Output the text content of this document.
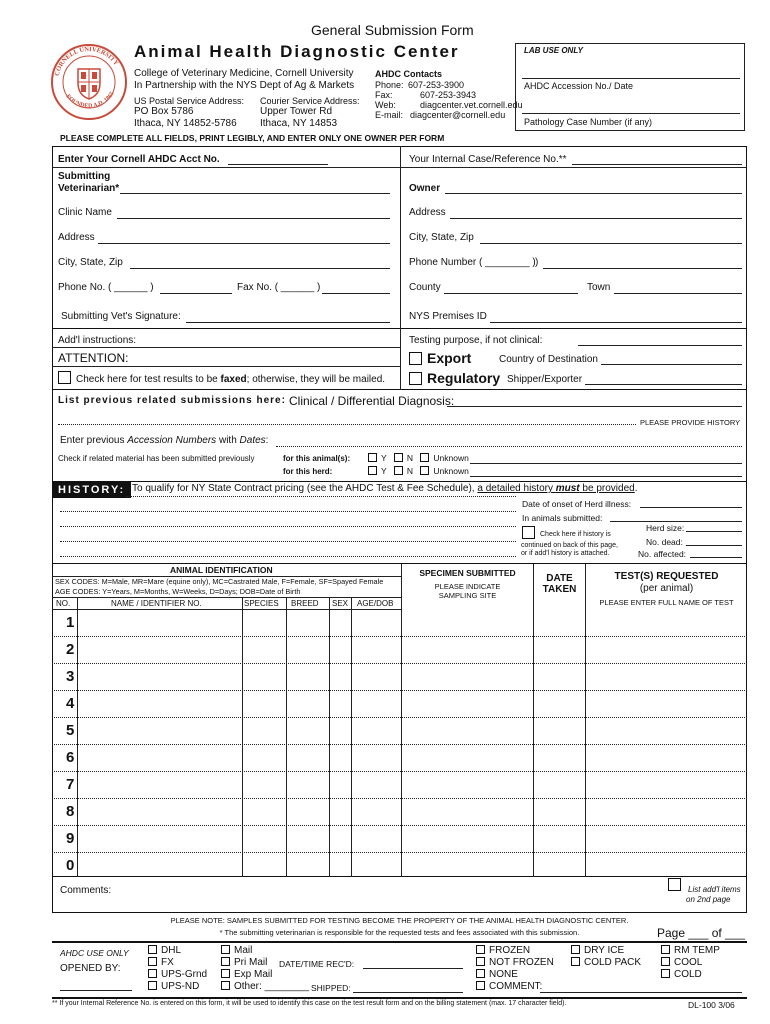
General Submission Form
Animal Health Diagnostic Center
CORNELL UNIVERSITY
FOUNDED A.D. 1865
College of Veterinary Medicine, Cornell University
In Partnership with the NYS Dept of Ag & Markets
US Postal Service Address:
PO Box 5786
Ithaca, NY 14852-5786
Courier Service Address:
Upper Tower Rd
Ithaca, NY 14853
AHDC Contacts
Phone: 607-253-3900
Fax:	607-253-3943
Web:	diagcenter.vet.cornell.edu
E-mail: diagcenter@cornell.edu
LAB USE ONLY
AHDC Accession No./ Date
Pathology Case Number (if any)
PLEASE COMPLETE ALL FIELDS, PRINT LEGIBLY, AND ENTER ONLY ONE OWNER PER FORM
Enter Your Cornell AHDC Acct No.
Submitting
Veterinarian*
Clinic Name
Address
City, State, Zip
Phone No. ( ______ )	Fax No. ( ______ )
Submitting Vet's Signature:
Your Internal Case/Reference No.**
Owner
Address
City, State, Zip
Phone Number ( ________ ) )
County	Town
NYS Premises ID
Add'l instructions:
ATTENTION:
Check here for test results to be faxed; otherwise, they will be mailed.
Testing purpose, if not clinical:
Export	Country of Destination
Regulatory Shipper/Exporter
List previous related submissions here: Clinical / Differential Diagnosis:
PLEASE PROVIDE HISTORY
Enter previous Accession Numbers with Dates:
Check if related material has been submitted previously	for this animal(s):
for this herd:
Y N Unknown
Y N Unknown
HISTORY: To qualify for NY State Contract pricing (see the AHDC Test & Fee Schedule), a detailed history must be provided.
Date of onset of Herd illness:
In animals submitted:
Check here if history is
continued on back of this page,
or if add'l history is attached.
Herd size:
No. dead:
No. affected:
ANIMAL IDENTIFICATION
SEX CODES: M=Male, MR=Mare (equine only), MC=Castrated Male, F=Female, SF=Spayed Female
AGE CODES: Y=Years, M=Months, W=Weeks, D=Days; DOB=Date of Birth
NO.	NAME / IDENTIFIER NO.	SPECIES BREED SEX AGE/DOB
SPECIMEN SUBMITTED
PLEASE INDICATE
SAMPLING SITE
DATE
TAKEN
TEST(S) REQUESTED
(per animal)
PLEASE ENTER FULL NAME OF TEST
1
2
3
4
5
6
7
8
9
0
Comments:	List add'l items
on 2nd page
PLEASE NOTE: SAMPLES SUBMITTED FOR TESTING BECOME THE PROPERTY OF THE ANIMAL HEALTH DIAGNOSTIC CENTER.
* The submitting veterinarian is responsible for the requested tests and fees associated with this submission.	Page ___ of ___
AHDC USE ONLY
OPENED BY:
DHL
FX
UPS-Grnd
UPS-ND
Mail
Pri Mail
Exp Mail
Other: ________
DATE/TIME REC'D:
SHIPPED:
FROZEN
NOT FROZEN
NONE
COMMENT:
DRY ICE
COLD PACK
RM TEMP
COOL
COLD
** If your Internal Reference No. is entered on this form, it will be used to identify this case on the test result form and on the billing statement (max. 17 character field).	DL-100 3/06
